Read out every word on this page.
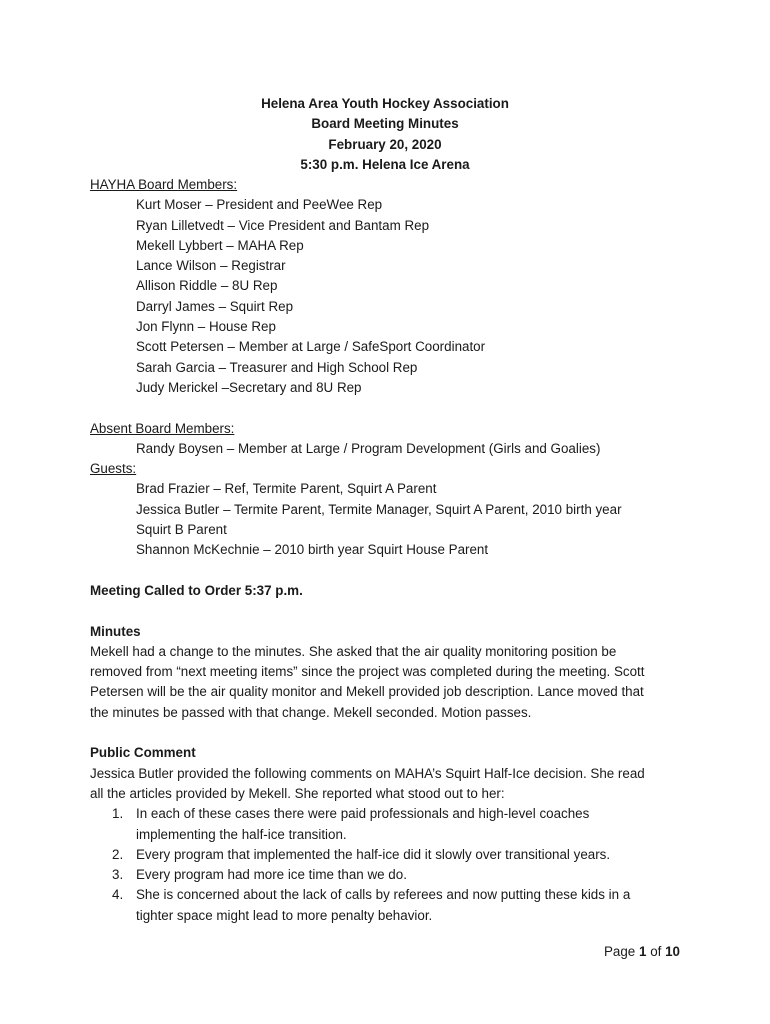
Helena Area Youth Hockey Association
Board Meeting Minutes
February 20, 2020
5:30 p.m. Helena Ice Arena
HAYHA Board Members:
Kurt Moser – President and PeeWee Rep
Ryan Lilletvedt – Vice President and Bantam Rep
Mekell Lybbert – MAHA Rep
Lance Wilson – Registrar
Allison Riddle – 8U Rep
Darryl James – Squirt Rep
Jon Flynn – House Rep
Scott Petersen – Member at Large / SafeSport Coordinator
Sarah Garcia – Treasurer and High School Rep
Judy Merickel –Secretary and 8U Rep
Absent Board Members:
Randy Boysen – Member at Large / Program Development (Girls and Goalies)
Guests:
Brad Frazier – Ref, Termite Parent, Squirt A Parent
Jessica Butler – Termite Parent, Termite Manager, Squirt A Parent, 2010 birth year
Squirt B Parent
Shannon McKechnie – 2010 birth year Squirt House Parent
Meeting Called to Order 5:37 p.m.
Minutes
Mekell had a change to the minutes. She asked that the air quality monitoring position be
removed from “next meeting items” since the project was completed during the meeting. Scott
Petersen will be the air quality monitor and Mekell provided job description. Lance moved that
the minutes be passed with that change. Mekell seconded. Motion passes.
Public Comment
Jessica Butler provided the following comments on MAHA’s Squirt Half-Ice decision. She read
all the articles provided by Mekell. She reported what stood out to her:
1. In each of these cases there were paid professionals and high-level coaches
implementing the half-ice transition.
2. Every program that implemented the half-ice did it slowly over transitional years.
3. Every program had more ice time than we do.
4. She is concerned about the lack of calls by referees and now putting these kids in a
tighter space might lead to more penalty behavior.
Page 1 of 10
